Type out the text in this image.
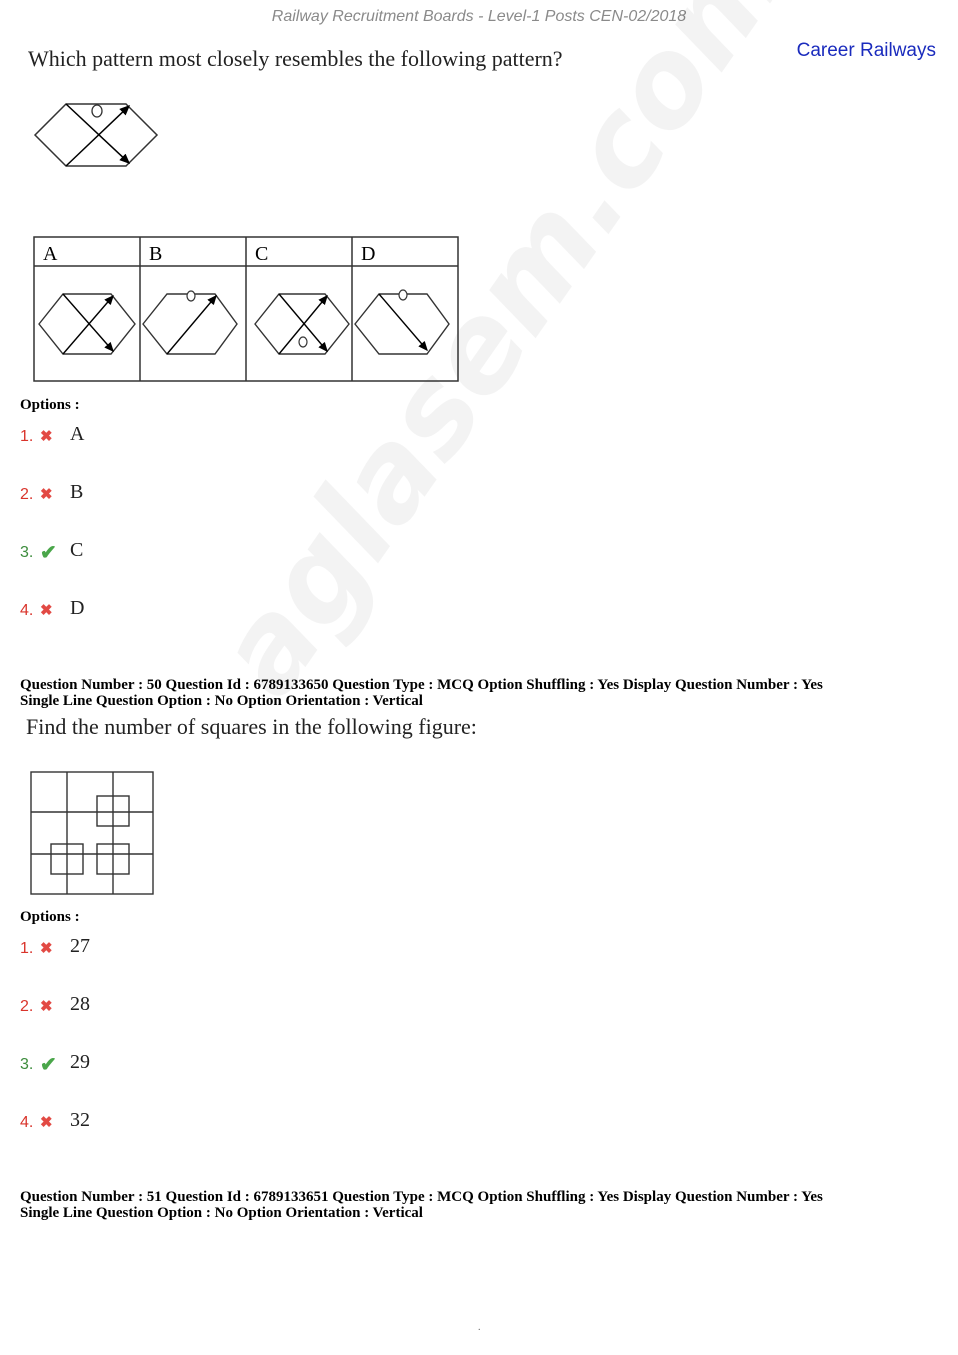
Railway Recruitment Boards - Level-1 Posts CEN-02/2018
Career Railways
Which pattern most closely resembles the following pattern?
A	B	C	D
Options :
1. ✖ A
2. ✖ B
3. ✔ C
4. ✖ D
Question Number : 50 Question Id : 6789133650 Question Type : MCQ Option Shuffling : Yes Display Question Number : Yes
Single Line Question Option : No Option Orientation : Vertical
Find the number of squares in the following figure:
Options :
1. ✖ 27
2. ✖ 28
3. ✔ 29
4. ✖ 32
Question Number : 51 Question Id : 6789133651 Question Type : MCQ Option Shuffling : Yes Display Question Number : Yes
Single Line Question Option : No Option Orientation : Vertical
.
